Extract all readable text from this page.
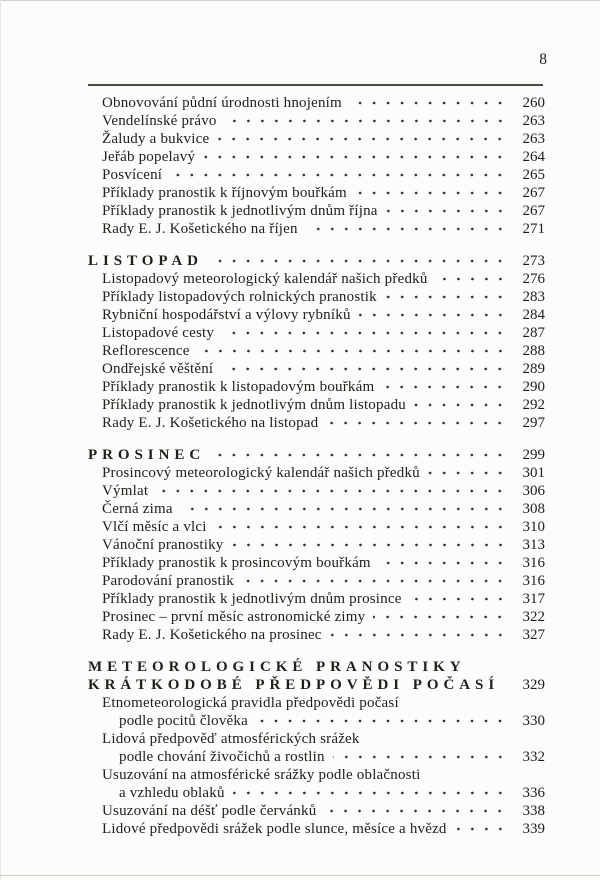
8
Obnovování půdní úrodnosti hnojením	260
Vendelínské právo	263
Žaludy a bukvice	263
Jeřáb popelavý	264
Posvícení	265
Příklady pranostik k říjnovým bouřkám	267
Příklady pranostik k jednotlivým dnům října	267
Rady E. J. Košetického na říjen	271
LISTOPAD	273
Listopadový meteorologický kalendář našich předků	276
Příklady listopadových rolnických pranostik	283
Rybniční hospodářství a výlovy rybníků	284
Listopadové cesty	287
Reflorescence	288
Ondřejské věštění	289
Příklady pranostik k listopadovým bouřkám	290
Příklady pranostik k jednotlivým dnům listopadu	292
Rady E. J. Košetického na listopad	297
PROSINEC	299
Prosincový meteorologický kalendář našich předků	301
Výmlat	306
Černá zima	308
Vlčí měsíc a vlci	310
Vánoční pranostiky	313
Příklady pranostik k prosincovým bouřkám	316
Parodování pranostik	316
Příklady pranostik k jednotlivým dnům prosince	317
Prosinec – první měsíc astronomické zimy	322
Rady E. J. Košetického na prosinec	327
METEOROLOGICKÉ PRANOSTIKY
KRÁTKODOBÉ PŘEDPOVĚDI POČASÍ	329
Etnometeorologická pravidla předpovědi počasí
podle pocitů člověka	330
Lidová předpověď atmosférických srážek
podle chování živočichů a rostlin	332
Usuzování na atmosférické srážky podle oblačnosti
a vzhledu oblaků	336
Usuzování na déšť podle červánků	338
Lidové předpovědi srážek podle slunce, měsíce a hvězd	339
